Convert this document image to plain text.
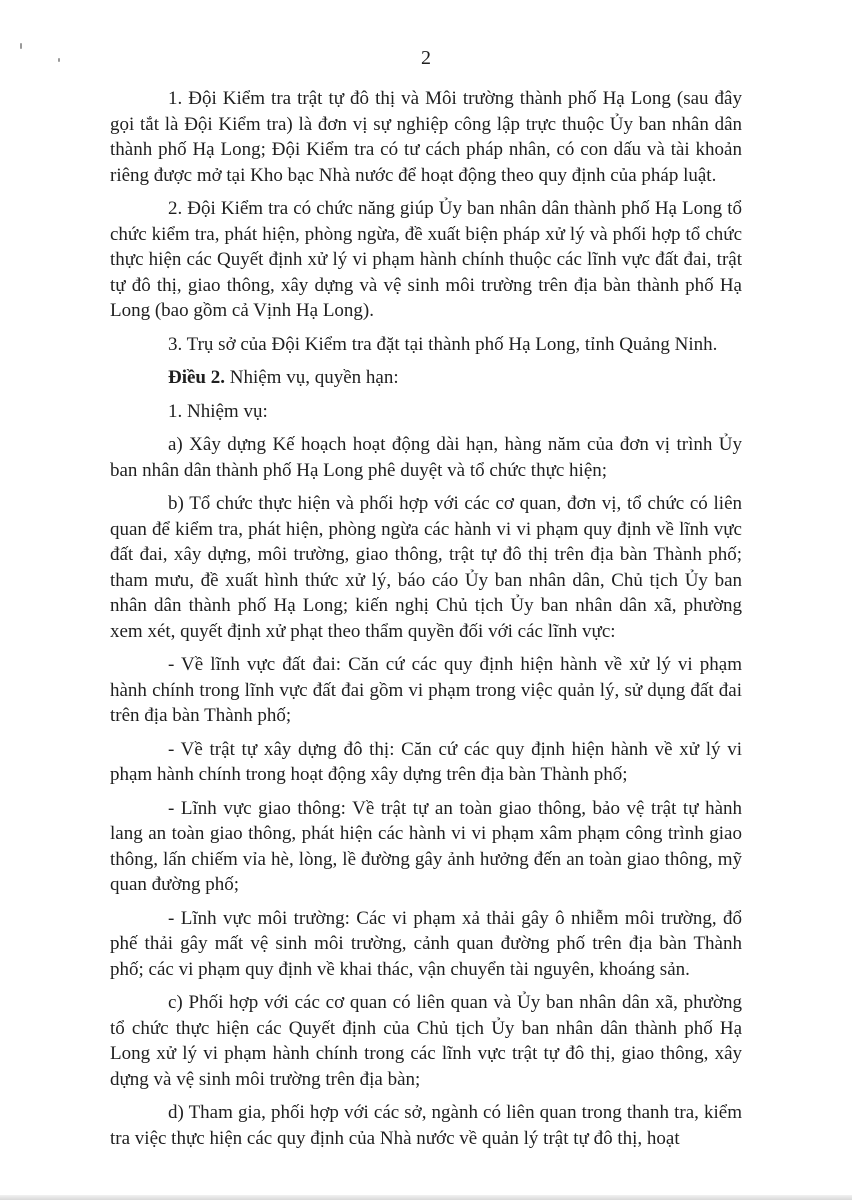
2

1. Đội Kiểm tra trật tự đô thị và Môi trường thành phố Hạ Long (sau đây gọi tắt là Đội Kiểm tra) là đơn vị sự nghiệp công lập trực thuộc Ủy ban nhân dân thành phố Hạ Long; Đội Kiểm tra có tư cách pháp nhân, có con dấu và tài khoản riêng được mở tại Kho bạc Nhà nước để hoạt động theo quy định của pháp luật.

2. Đội Kiểm tra có chức năng giúp Ủy ban nhân dân thành phố Hạ Long tổ chức kiểm tra, phát hiện, phòng ngừa, đề xuất biện pháp xử lý và phối hợp tổ chức thực hiện các Quyết định xử lý vi phạm hành chính thuộc các lĩnh vực đất đai, trật tự đô thị, giao thông, xây dựng và vệ sinh môi trường trên địa bàn thành phố Hạ Long (bao gồm cả Vịnh Hạ Long).

3. Trụ sở của Đội Kiểm tra đặt tại thành phố Hạ Long, tỉnh Quảng Ninh.

Điều 2. Nhiệm vụ, quyền hạn:

1. Nhiệm vụ:

a) Xây dựng Kế hoạch hoạt động dài hạn, hàng năm của đơn vị trình Ủy ban nhân dân thành phố Hạ Long phê duyệt và tổ chức thực hiện;

b) Tổ chức thực hiện và phối hợp với các cơ quan, đơn vị, tổ chức có liên quan để kiểm tra, phát hiện, phòng ngừa các hành vi vi phạm quy định về lĩnh vực đất đai, xây dựng, môi trường, giao thông, trật tự đô thị trên địa bàn Thành phố; tham mưu, đề xuất hình thức xử lý, báo cáo Ủy ban nhân dân, Chủ tịch Ủy ban nhân dân thành phố Hạ Long; kiến nghị Chủ tịch Ủy ban nhân dân xã, phường xem xét, quyết định xử phạt theo thẩm quyền đối với các lĩnh vực:

- Về lĩnh vực đất đai: Căn cứ các quy định hiện hành về xử lý vi phạm hành chính trong lĩnh vực đất đai gồm vi phạm trong việc quản lý, sử dụng đất đai trên địa bàn Thành phố;

- Về trật tự xây dựng đô thị: Căn cứ các quy định hiện hành về xử lý vi phạm hành chính trong hoạt động xây dựng trên địa bàn Thành phố;

- Lĩnh vực giao thông: Về trật tự an toàn giao thông, bảo vệ trật tự hành lang an toàn giao thông, phát hiện các hành vi vi phạm xâm phạm công trình giao thông, lấn chiếm vỉa hè, lòng, lề đường gây ảnh hưởng đến an toàn giao thông, mỹ quan đường phố;

- Lĩnh vực môi trường: Các vi phạm xả thải gây ô nhiễm môi trường, đổ phế thải gây mất vệ sinh môi trường, cảnh quan đường phố trên địa bàn Thành phố; các vi phạm quy định về khai thác, vận chuyển tài nguyên, khoáng sản.

c) Phối hợp với các cơ quan có liên quan và Ủy ban nhân dân xã, phường tổ chức thực hiện các Quyết định của Chủ tịch Ủy ban nhân dân thành phố Hạ Long xử lý vi phạm hành chính trong các lĩnh vực trật tự đô thị, giao thông, xây dựng và vệ sinh môi trường trên địa bàn;

d) Tham gia, phối hợp với các sở, ngành có liên quan trong thanh tra, kiểm tra việc thực hiện các quy định của Nhà nước về quản lý trật tự đô thị, hoạt
